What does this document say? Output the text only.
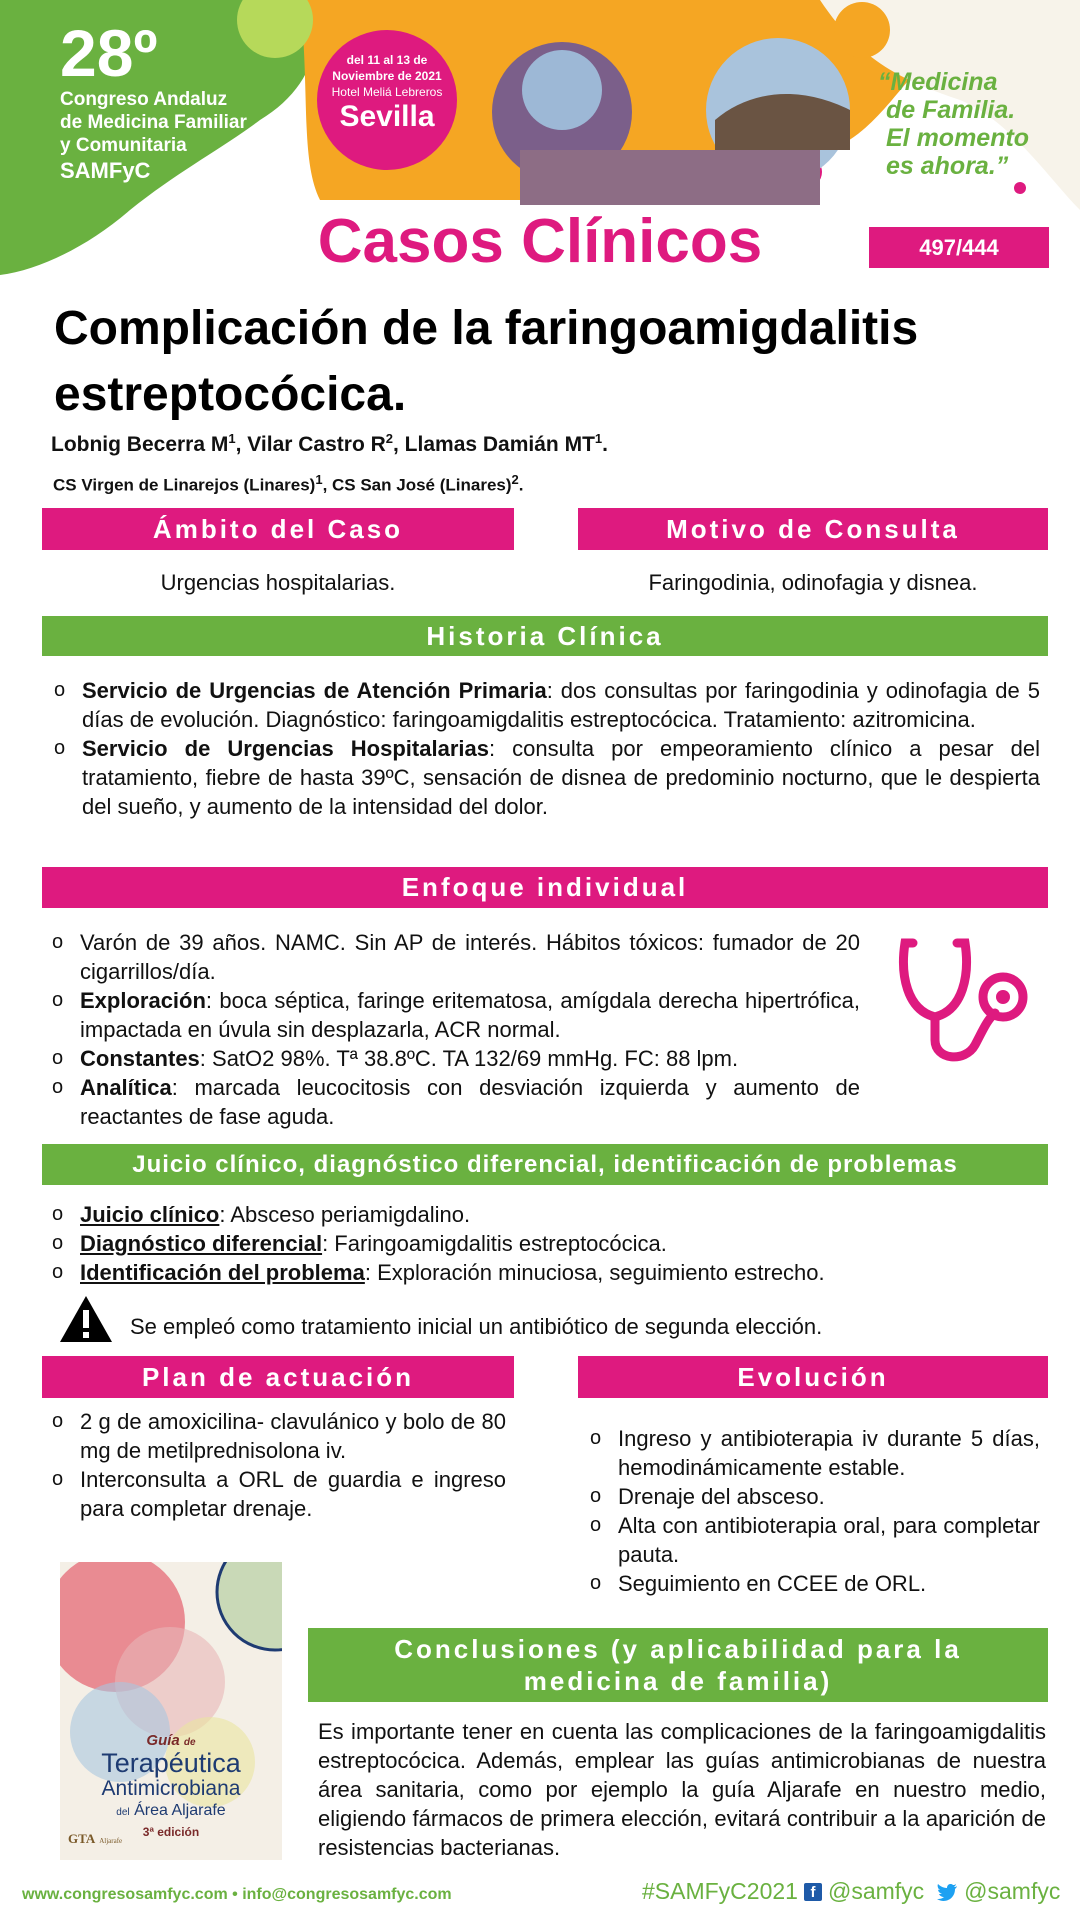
28º
Congreso Andaluz
de Medicina Familiar
y Comunitaria
SAMFyC
del 11 al 13 de
Noviembre de 2021
Hotel Meliá Lebreros
Sevilla
“Medicina
de Familia.
El momento
es ahora.”
Casos Clínicos	497/444
Complicación de la faringoamigdalitis
estreptocócica.
Lobnig Becerra $M^1$, Vilar Castro $R^2$, Llamas Damián $MT^1$.
CS Virgen de Linarejos (Linares)$^1$, CS San José (Linares)$^2$.
Ámbito del Caso	Motivo de Consulta
Urgencias hospitalarias.	Faringodinia, odinofagia y disnea.
Historia Clínica
o Servicio de Urgencias de Atención Primaria: dos consultas por faringodinia y odinofagia de 5 días de evolución. Diagnóstico: faringoamigdalitis estreptocócica. Tratamiento: azitromicina.
o Servicio de Urgencias Hospitalarias: consulta por empeoramiento clínico a pesar del tratamiento, fiebre de hasta 39ºC, sensación de disnea de predominio nocturno, que le despierta del sueño, y aumento de la intensidad del dolor.
Enfoque individual
o Varón de 39 años. NAMC. Sin AP de interés. Hábitos tóxicos: fumador de 20 cigarrillos/día.
o Exploración: boca séptica, faringe eritematosa, amígdala derecha hipertrófica, impactada en úvula sin desplazarla, ACR normal.
o Constantes: SatO2 98%. Tª 38.8ºC. TA 132/69 mmHg. FC: 88 lpm.
o Analítica: marcada leucocitosis con desviación izquierda y aumento de reactantes de fase aguda.
Juicio clínico, diagnóstico diferencial, identificación de problemas
o Juicio clínico: Absceso periamigdalino.
o Diagnóstico diferencial: Faringoamigdalitis estreptocócica.
o Identificación del problema: Exploración minuciosa, seguimiento estrecho.
Se empleó como tratamiento inicial un antibiótico de segunda elección.
Plan de actuación	Evolución
o 2 g de amoxicilina- clavulánico y bolo de 80 mg de metilprednisolona iv.
o Interconsulta a ORL de guardia e ingreso para completar drenaje.
o Ingreso y antibioterapia iv durante 5 días, hemodinámicamente estable.
o Drenaje del absceso.
o Alta con antibioterapia oral, para completar pauta.
o Seguimiento en CCEE de ORL.
Guía de
Terapéutica
Antimicrobiana
del Área Aljarafe
3ª edición
GTA Aljarafe
Conclusiones (y aplicabilidad para la
medicina de familia)
Es importante tener en cuenta las complicaciones de la faringoamigdalitis estreptocócica. Además, emplear las guías antimicrobianas de nuestra área sanitaria, como por ejemplo la guía Aljarafe en nuestro medio, eligiendo fármacos de primera elección, evitará contribuir a la aparición de resistencias bacterianas.
www.congresosamfyc.com • info@congresosamfyc.com	#SAMFyC2021 f @samfyc @samfyc
